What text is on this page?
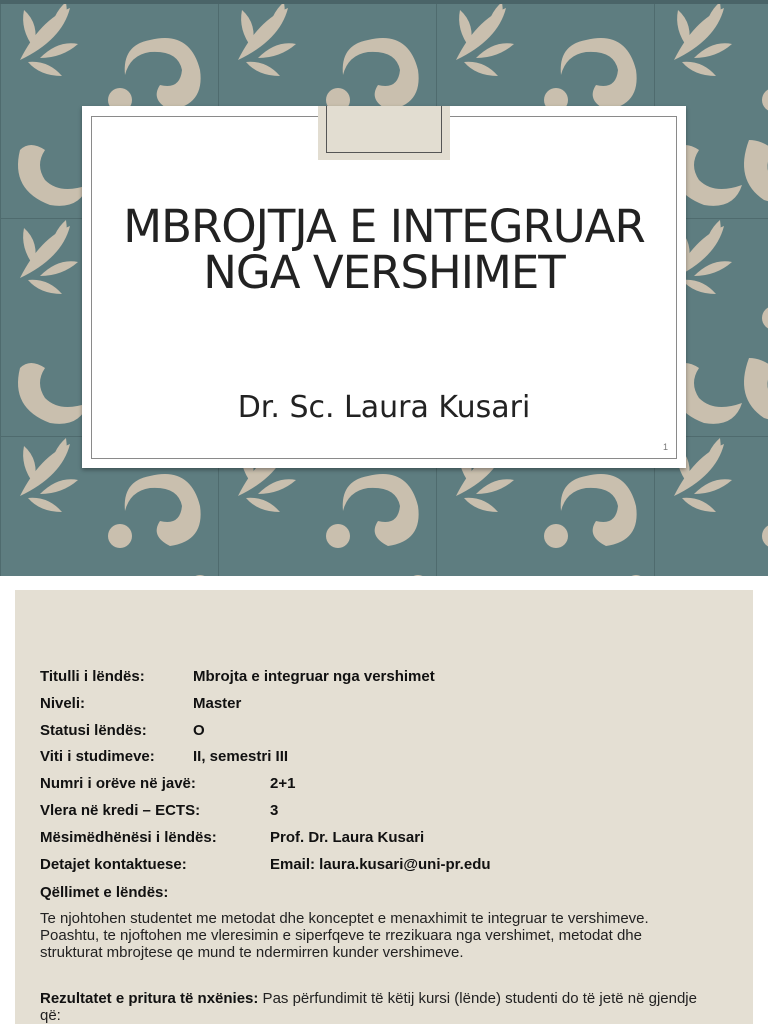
MBROJTJA E INTEGRUAR NGA VERSHIMET
Dr. Sc. Laura Kusari
1
Titulli i lëndës:	Mbrojta e integruar nga vershimet
Niveli:	Master
Statusi lëndës:	O
Viti i studimeve:	II, semestri III
Numri i orëve në javë:	2+1
Vlera në kredi – ECTS:	3
Mësimëdhënësi i lëndës:	Prof. Dr. Laura Kusari
Detajet kontaktuese:	Email: laura.kusari@uni-pr.edu
Qëllimet e lëndës:
Te njohtohen studentet me metodat dhe konceptet e menaxhimit te integruar te vershimeve. Poashtu, te njoftohen me vleresimin e siperfqeve te rrezikuara nga vershimet, metodat dhe strukturat mbrojtese qe mund te ndermirren kunder vershimeve.
Rezultatet e pritura të nxënies: Pas përfundimit të këtij kursi (lënde) studenti do të jetë në gjendje që:
